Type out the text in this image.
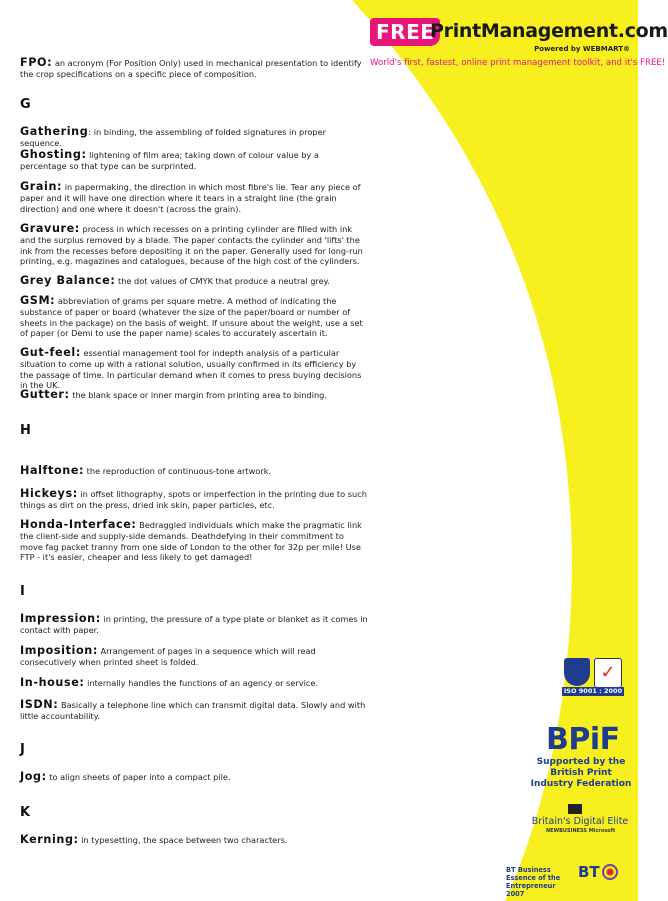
FREE
PrintManagement.com
Powered by WEBMART®
World's first, fastest, online print management toolkit, and it's FREE!
FPO: an acronym (For Position Only) used in mechanical presentation to identify the crop specifications on a specific piece of composition.
G
Gathering: in binding, the assembling of folded signatures in proper sequence.
Ghosting: lightening of film area; taking down of colour value by a percentage so that type can be surprinted.
Grain: in papermaking, the direction in which most fibre's lie. Tear any piece of paper and it will have one direction where it tears in a straight line (the grain direction) and one where it doesn't (across the grain).
Gravure: process in which recesses on a printing cylinder are filled with ink and the surplus removed by a blade. The paper contacts the cylinder and 'lifts' the ink from the recesses before depositing it on the paper. Generally used for long-run printing, e.g. magazines and catalogues, because of the high cost of the cylinders.
Grey Balance: the dot values of CMYK that produce a neutral grey.
GSM: abbreviation of grams per square metre. A method of indicating the substance of paper or board (whatever the size of the paper/board or number of sheets in the package) on the basis of weight. If unsure about the weight, use a set of paper (or Demi to use the paper name) scales to accurately ascertain it.
Gut-feel: essential management tool for indepth analysis of a particular situation to come up with a rational solution, usually confirmed in its efficiency by the passage of time. In particular demand when it comes to press buying decisions in the UK.
Gutter: the blank space or inner margin from printing area to binding.
H
Halftone: the reproduction of continuous-tone artwork.
Hickeys: in offset lithography, spots or imperfection in the printing due to such things as dirt on the press, dried ink skin, paper particles, etc.
Honda-Interface: Bedraggled individuals which make the pragmatic link the client-side and supply-side demands. Deathdefying in their commitment to move fag packet tranny from one side of London to the other for 32p per mile! Use FTP - it's easier, cheaper and less likely to get damaged!
I
Impression: in printing, the pressure of a type plate or blanket as it comes in contact with paper.
Imposition: Arrangement of pages in a sequence which will read consecutively when printed sheet is folded.
In-house: internally handles the functions of an agency or service.
ISDN: Basically a telephone line which can transmit digital data. Slowly and with little accountability.
J
Jog: to align sheets of paper into a compact pile.
K
Kerning: in typesetting, the space between two characters.
✓
ISO 9001 : 2000
BPiF
Supported by the British Print Industry Federation
Britain's Digital Elite
NEWBUSINESS Microsoft
BT Business Essence of the Entrepreneur 2007
BT
